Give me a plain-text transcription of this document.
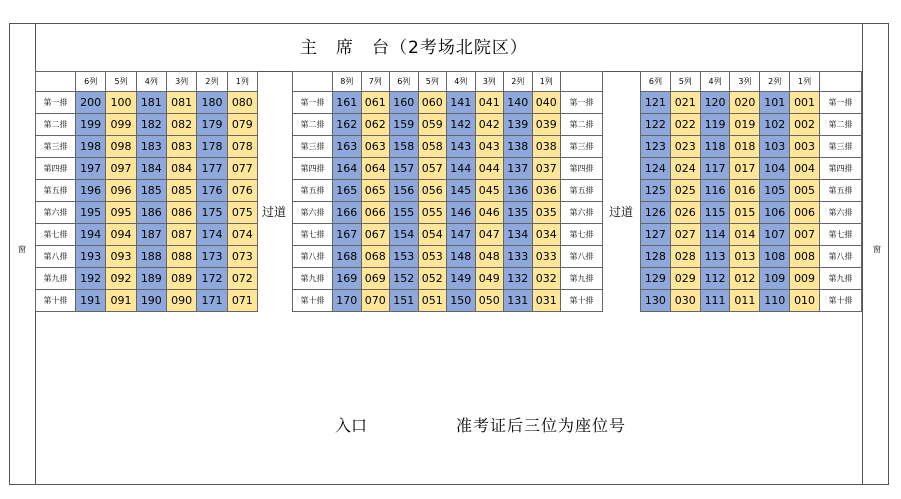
主　席　台（2考场北院区）
窗	窗
	6列	5列	4列	3列	2列	1列
第一排	200	100	181	081	180	080
第二排	199	099	182	082	179	079
第三排	198	098	183	083	178	078
第四排	197	097	184	084	177	077
第五排	196	096	185	085	176	076
第六排	195	095	186	086	175	075
第七排	194	094	187	087	174	074
第八排	193	093	188	088	173	073
第九排	192	092	189	089	172	072
第十排	191	091	190	090	171	071
过道
	8列	7列	6列	5列	4列	3列	2列	1列	
第一排	161	061	160	060	141	041	140	040	第一排
第二排	162	062	159	059	142	042	139	039	第二排
第三排	163	063	158	058	143	043	138	038	第三排
第四排	164	064	157	057	144	044	137	037	第四排
第五排	165	065	156	056	145	045	136	036	第五排
第六排	166	066	155	055	146	046	135	035	第六排
第七排	167	067	154	054	147	047	134	034	第七排
第八排	168	068	153	053	148	048	133	033	第八排
第九排	169	069	152	052	149	049	132	032	第九排
第十排	170	070	151	051	150	050	131	031	第十排
过道
6列	5列	4列	3列	2列	1列	
121	021	120	020	101	001	第一排
122	022	119	019	102	002	第二排
123	023	118	018	103	003	第三排
124	024	117	017	104	004	第四排
125	025	116	016	105	005	第五排
126	026	115	015	106	006	第六排
127	027	114	014	107	007	第七排
128	028	113	013	108	008	第八排
129	029	112	012	109	009	第九排
130	030	111	011	110	010	第十排
入口	准考证后三位为座位号
